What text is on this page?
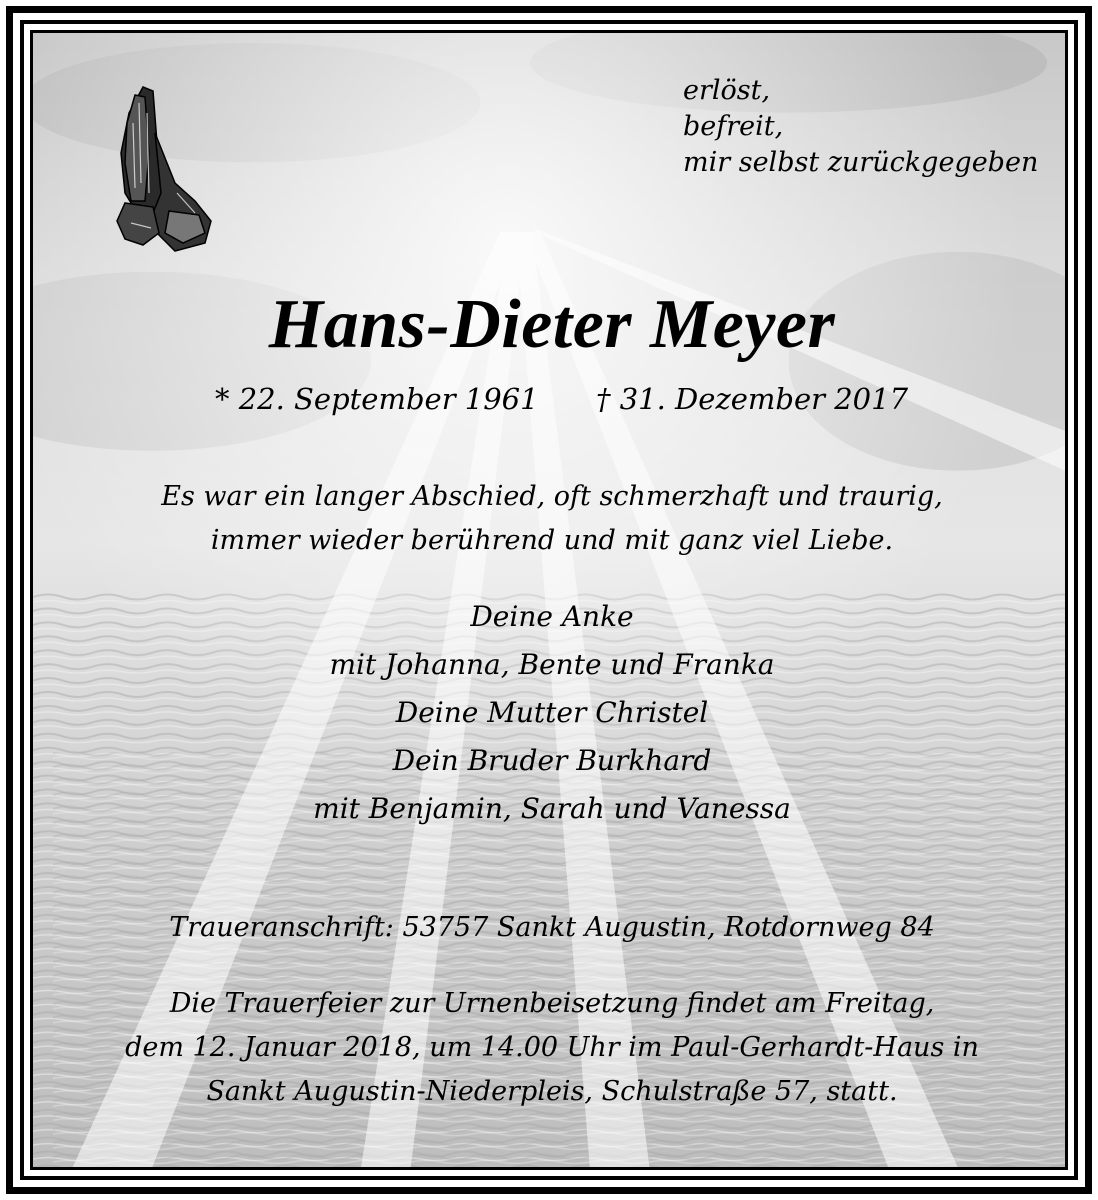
erlöst,
befreit,
mir selbst zurückgegeben
Hans-Dieter Meyer
* 22. September 1961 † 31. Dezember 2017
Es war ein langer Abschied, oft schmerzhaft und traurig,
immer wieder berührend und mit ganz viel Liebe.
Deine Anke
mit Johanna, Bente und Franka
Deine Mutter Christel
Dein Bruder Burkhard
mit Benjamin, Sarah und Vanessa
Traueranschrift: 53757 Sankt Augustin, Rotdornweg 84
Die Trauerfeier zur Urnenbeisetzung findet am Freitag,
dem 12. Januar 2018, um 14.00 Uhr im Paul-Gerhardt-Haus in
Sankt Augustin-Niederpleis, Schulstraße 57, statt.
